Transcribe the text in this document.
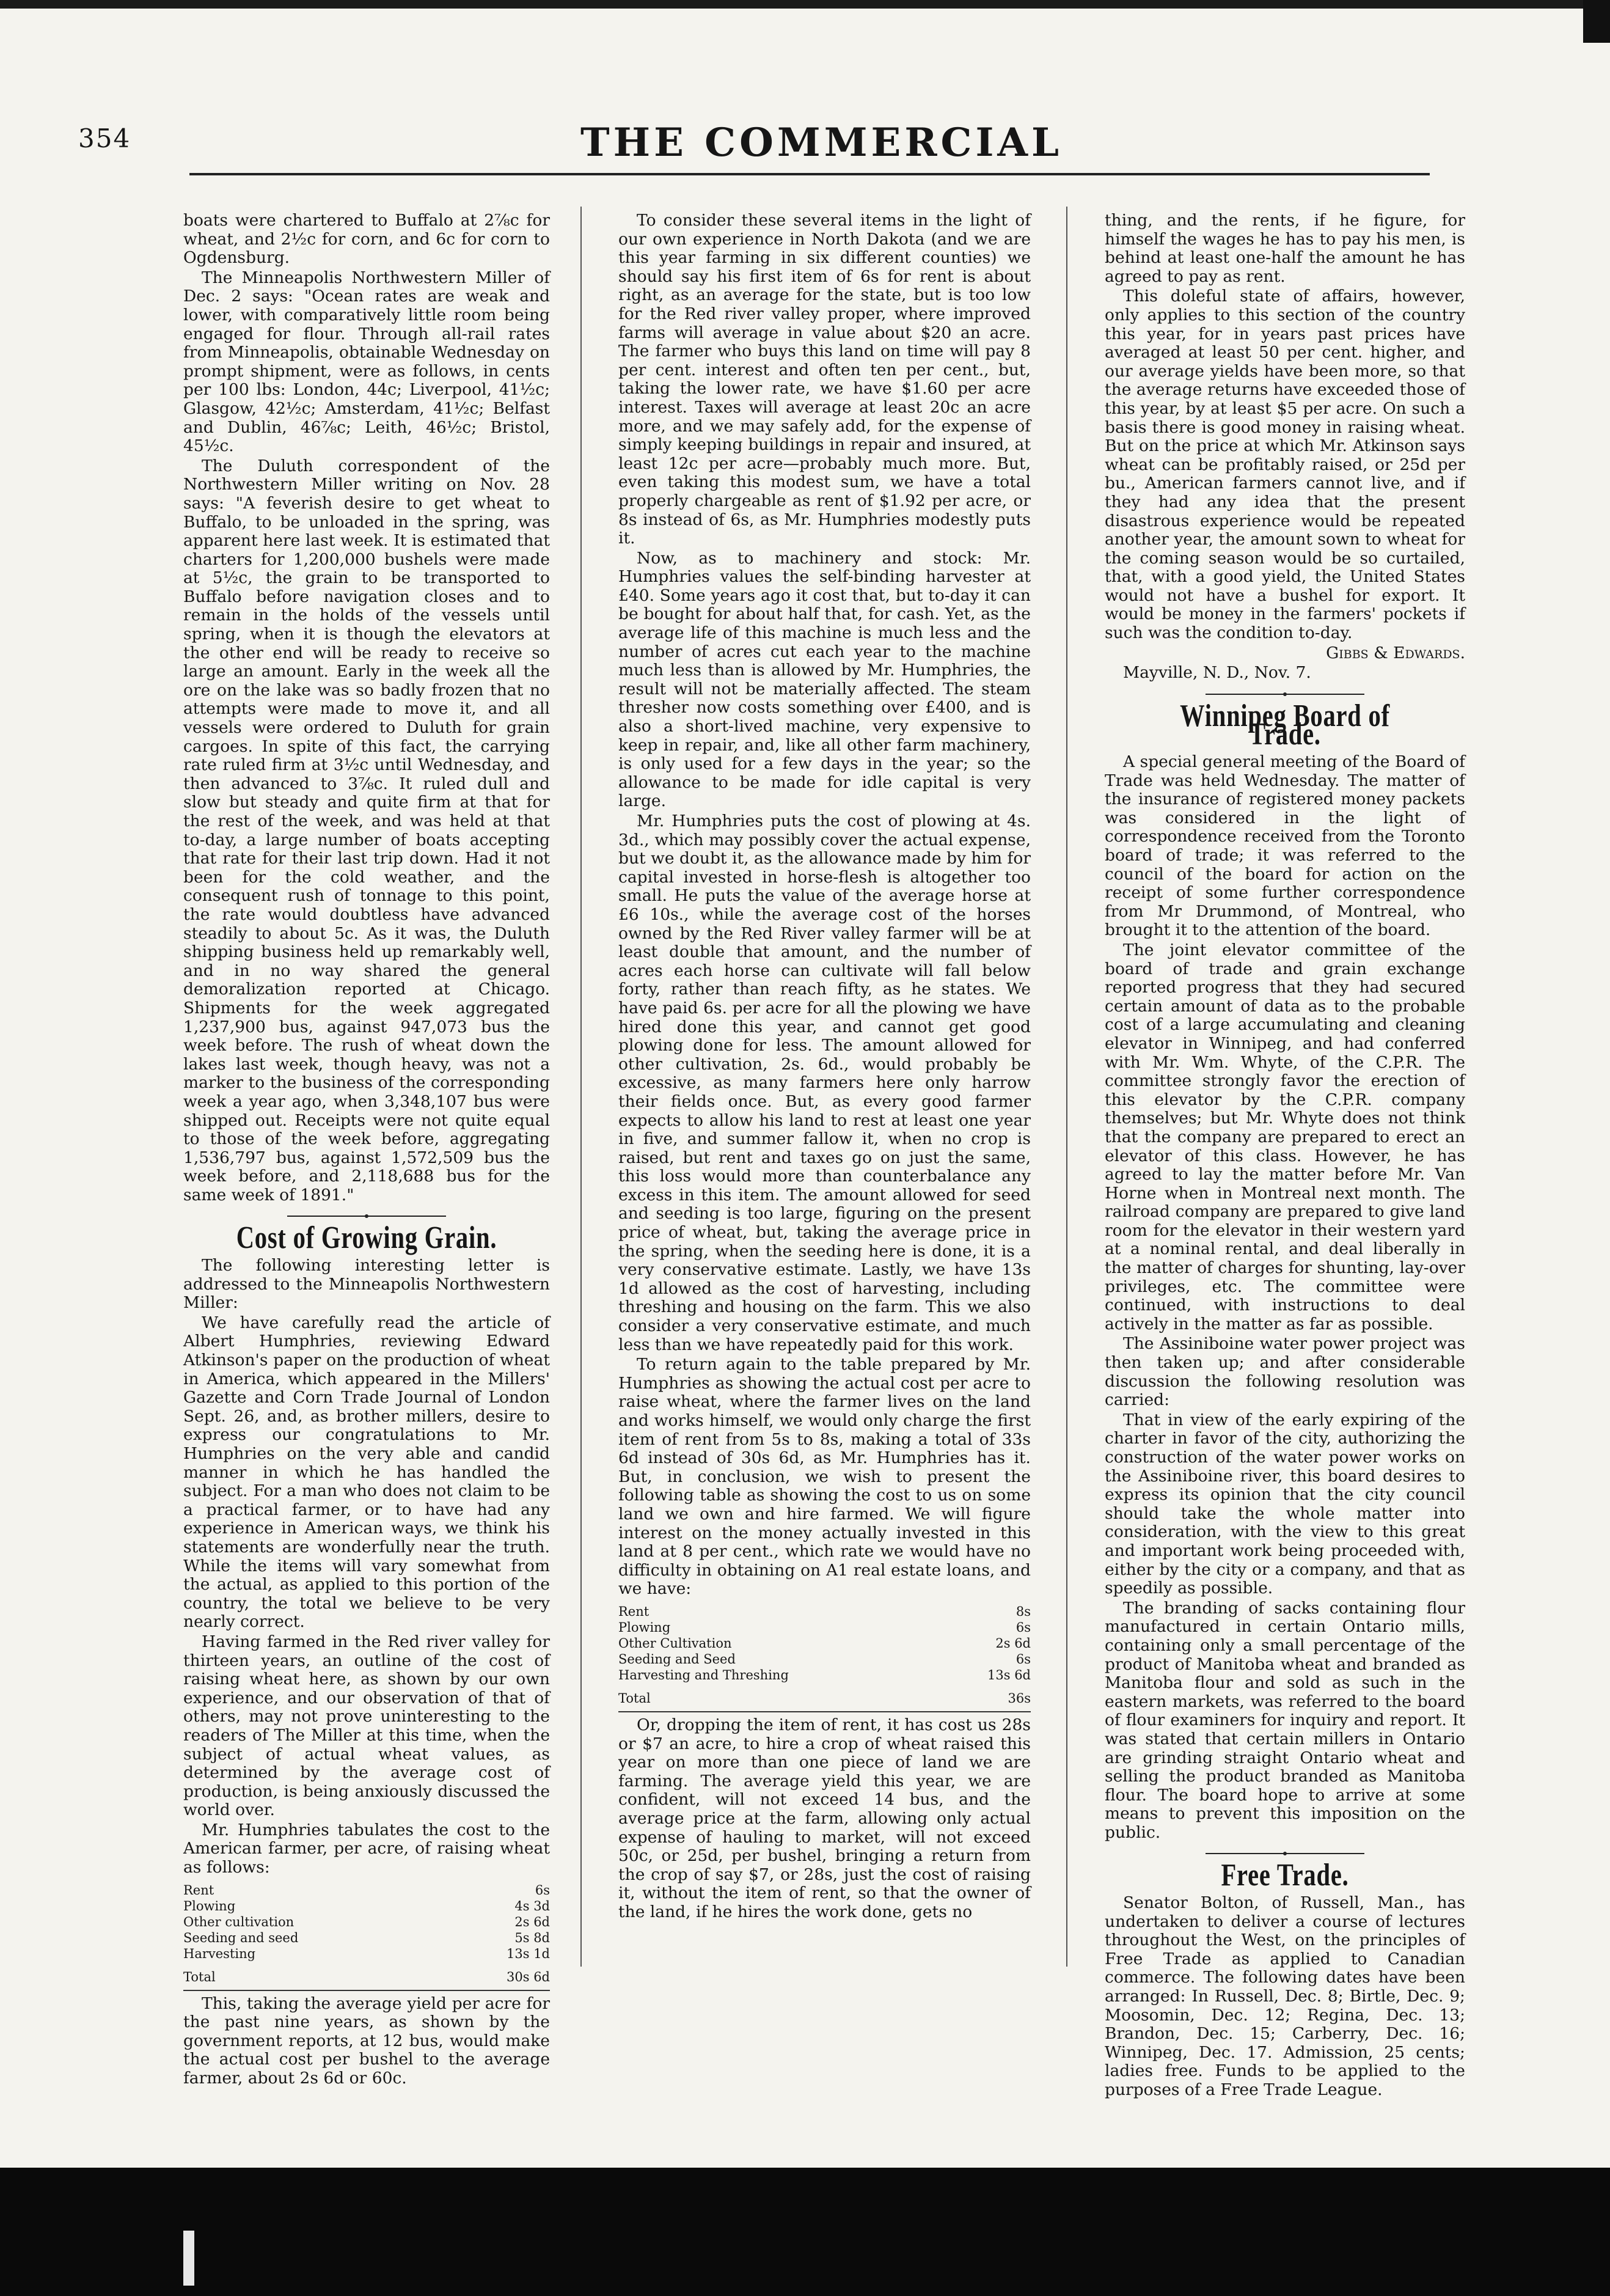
354	THE COMMERCIAL

boats were chartered to Buffalo at 2⅞c for wheat, and 2½c for corn, and 6c for corn to Ogdensburg.

The Minneapolis Northwestern Miller of Dec. 2 says: "Ocean rates are weak and lower, with comparatively little room being engaged for flour. Through all-rail rates from Minneapolis, obtainable Wednesday on prompt shipment, were as follows, in cents per 100 lbs: London, 44c; Liverpool, 41½c; Glasgow, 42½c; Amsterdam, 41½c; Belfast and Dublin, 46⅞c; Leith, 46½c; Bristol, 45½c.

The Duluth correspondent of the Northwestern Miller writing on Nov. 28 says: "A feverish desire to get wheat to Buffalo, to be unloaded in the spring, was apparent here last week. It is estimated that charters for 1,200,000 bushels were made at 5½c, the grain to be transported to Buffalo before navigation closes and to remain in the holds of the vessels until spring, when it is though the elevators at the other end will be ready to receive so large an amount. Early in the week all the ore on the lake was so badly frozen that no attempts were made to move it, and all vessels were ordered to Duluth for grain cargoes. In spite of this fact, the carrying rate ruled firm at 3½c until Wednesday, and then advanced to 3⅞c. It ruled dull and slow but steady and quite firm at that for the rest of the week, and was held at that to-day, a large number of boats accepting that rate for their last trip down. Had it not been for the cold weather, and the consequent rush of tonnage to this point, the rate would doubtless have advanced steadily to about 5c. As it was, the Duluth shipping business held up remarkably well, and in no way shared the general demoralization reported at Chicago. Shipments for the week aggregated 1,237,900 bus, against 947,073 bus the week before. The rush of wheat down the lakes last week, though heavy, was not a marker to the business of the corresponding week a year ago, when 3,348,107 bus were shipped out. Receipts were not quite equal to those of the week before, aggregating 1,536,797 bus, against 1,572,509 bus the week before, and 2,118,688 bus for the same week of 1891."

Cost of Growing Grain.

The following interesting letter is addressed to the Minneapolis Northwestern Miller:

We have carefully read the article of Albert Humphries, reviewing Edward Atkinson's paper on the production of wheat in America, which appeared in the Millers' Gazette and Corn Trade Journal of London Sept. 26, and, as brother millers, desire to express our congratulations to Mr. Humphries on the very able and candid manner in which he has handled the subject. For a man who does not claim to be a practical farmer, or to have had any experience in American ways, we think his statements are wonderfully near the truth. While the items will vary somewhat from the actual, as applied to this portion of the country, the total we believe to be very nearly correct.

Having farmed in the Red river valley for thirteen years, an outline of the cost of raising wheat here, as shown by our own experience, and our observation of that of others, may not prove uninteresting to the readers of The Miller at this time, when the subject of actual wheat values, as determined by the average cost of production, is being anxiously discussed the world over.

Mr. Humphries tabulates the cost to the American farmer, per acre, of raising wheat as follows:

Rent	6s
Plowing	4s 3d
Other cultivation	2s 6d
Seeding and seed	5s 8d
Harvesting	13s 1d
Total	30s 6d

This, taking the average yield per acre for the past nine years, as shown by the government reports, at 12 bus, would make the actual cost per bushel to the average farmer, about 2s 6d or 60c.

To consider these several items in the light of our own experience in North Dakota (and we are this year farming in six different counties) we should say his first item of 6s for rent is about right, as an average for the state, but is too low for the Red river valley proper, where improved farms will average in value about $20 an acre. The farmer who buys this land on time will pay 8 per cent. interest and often ten per cent., but, taking the lower rate, we have $1.60 per acre interest. Taxes will average at least 20c an acre more, and we may safely add, for the expense of simply keeping buildings in repair and insured, at least 12c per acre—probably much more. But, even taking this modest sum, we have a total properly chargeable as rent of $1.92 per acre, or 8s instead of 6s, as Mr. Humphries modestly puts it.

Now, as to machinery and stock: Mr. Humphries values the self-binding harvester at £40. Some years ago it cost that, but to-day it can be bought for about half that, for cash. Yet, as the average life of this machine is much less and the number of acres cut each year to the machine much less than is allowed by Mr. Humphries, the result will not be materially affected. The steam thresher now costs something over £400, and is also a short-lived machine, very expensive to keep in repair, and, like all other farm machinery, is only used for a few days in the year; so the allowance to be made for idle capital is very large.

Mr. Humphries puts the cost of plowing at 4s. 3d., which may possibly cover the actual expense, but we doubt it, as the allowance made by him for capital invested in horse-flesh is altogether too small. He puts the value of the average horse at £6 10s., while the average cost of the horses owned by the Red River valley farmer will be at least double that amount, and the number of acres each horse can cultivate will fall below forty, rather than reach fifty, as he states. We have paid 6s. per acre for all the plowing we have hired done this year, and cannot get good plowing done for less. The amount allowed for other cultivation, 2s. 6d., would probably be excessive, as many farmers here only harrow their fields once. But, as every good farmer expects to allow his land to rest at least one year in five, and summer fallow it, when no crop is raised, but rent and taxes go on just the same, this loss would more than counterbalance any excess in this item. The amount allowed for seed and seeding is too large, figuring on the present price of wheat, but, taking the average price in the spring, when the seeding here is done, it is a very conservative estimate. Lastly, we have 13s 1d allowed as the cost of harvesting, including threshing and housing on the farm. This we also consider a very conservative estimate, and much less than we have repeatedly paid for this work.

To return again to the table prepared by Mr. Humphries as showing the actual cost per acre to raise wheat, where the farmer lives on the land and works himself, we would only charge the first item of rent from 5s to 8s, making a total of 33s 6d instead of 30s 6d, as Mr. Humphries has it. But, in conclusion, we wish to present the following table as showing the cost to us on some land we own and hire farmed. We will figure interest on the money actually invested in this land at 8 per cent., which rate we would have no difficulty in obtaining on A1 real estate loans, and we have:

Rent	8s
Plowing	6s
Other Cultivation	2s 6d
Seeding and Seed	6s
Harvesting and Threshing	13s 6d
Total	36s

Or, dropping the item of rent, it has cost us 28s or $7 an acre, to hire a crop of wheat raised this year on more than one piece of land we are farming. The average yield this year, we are confident, will not exceed 14 bus, and the average price at the farm, allowing only actual expense of hauling to market, will not exceed 50c, or 25d, per bushel, bringing a return from the crop of say $7, or 28s, just the cost of raising it, without the item of rent, so that the owner of the land, if he hires the work done, gets no

thing, and the rents, if he figure, for himself the wages he has to pay his men, is behind at least one-half the amount he has agreed to pay as rent.

This doleful state of affairs, however, only applies to this section of the country this year, for in years past prices have averaged at least 50 per cent. higher, and our average yields have been more, so that the average returns have exceeded those of this year, by at least $5 per acre. On such a basis there is good money in raising wheat. But on the price at which Mr. Atkinson says wheat can be profitably raised, or 25d per bu., American farmers cannot live, and if they had any idea that the present disastrous experience would be repeated another year, the amount sown to wheat for the coming season would be so curtailed, that, with a good yield, the United States would not have a bushel for export. It would be money in the farmers' pockets if such was the condition to-day.

Gibbs & Edwards.

Mayville, N. D., Nov. 7.

Winnipeg Board of Trade.

A special general meeting of the Board of Trade was held Wednesday. The matter of the insurance of registered money packets was considered in the light of correspondence received from the Toronto board of trade; it was referred to the council of the board for action on the receipt of some further correspondence from Mr Drummond, of Montreal, who brought it to the attention of the board.

The joint elevator committee of the board of trade and grain exchange reported progress that they had secured certain amount of data as to the probable cost of a large accumulating and cleaning elevator in Winnipeg, and had conferred with Mr. Wm. Whyte, of the C.P.R. The committee strongly favor the erection of this elevator by the C.P.R. company themselves; but Mr. Whyte does not think that the company are prepared to erect an elevator of this class. However, he has agreed to lay the matter before Mr. Van Horne when in Montreal next month. The railroad company are prepared to give land room for the elevator in their western yard at a nominal rental, and deal liberally in the matter of charges for shunting, lay-over privileges, etc. The committee were continued, with instructions to deal actively in the matter as far as possible.

The Assiniboine water power project was then taken up; and after considerable discussion the following resolution was carried:

That in view of the early expiring of the charter in favor of the city, authorizing the construction of the water power works on the Assiniboine river, this board desires to express its opinion that the city council should take the whole matter into consideration, with the view to this great and important work being proceeded with, either by the city or a company, and that as speedily as possible.

The branding of sacks containing flour manufactured in certain Ontario mills, containing only a small percentage of the product of Manitoba wheat and branded as Manitoba flour and sold as such in the eastern markets, was referred to the board of flour examiners for inquiry and report. It was stated that certain millers in Ontario are grinding straight Ontario wheat and selling the product branded as Manitoba flour. The board hope to arrive at some means to prevent this imposition on the public.

Free Trade.

Senator Bolton, of Russell, Man., has undertaken to deliver a course of lectures throughout the West, on the principles of Free Trade as applied to Canadian commerce. The following dates have been arranged: In Russell, Dec. 8; Birtle, Dec. 9; Moosomin, Dec. 12; Regina, Dec. 13; Brandon, Dec. 15; Carberry, Dec. 16; Winnipeg, Dec. 17. Admission, 25 cents; ladies free. Funds to be applied to the purposes of a Free Trade League.
